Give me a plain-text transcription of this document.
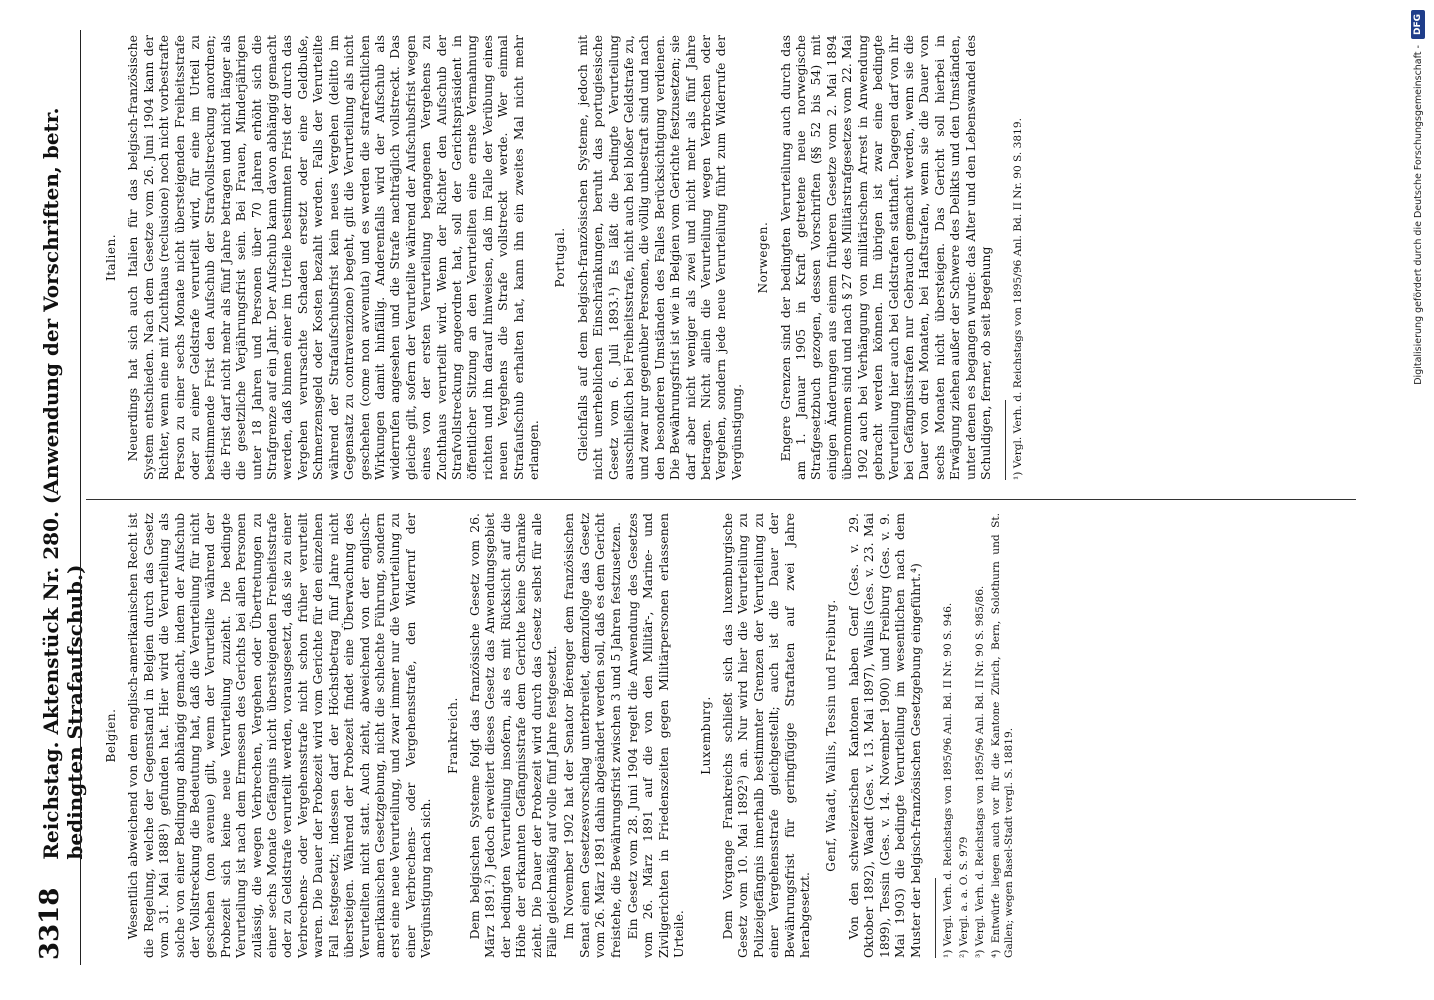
3318
Reichstag. Aktenstück Nr. 280. (Anwendung der Vorschriften, betr. bedingten Strafaufschub.) Belgien. Wesentlich abweichend von dem englisch-amerikanischen Recht ist die Regelung, welche der Gegenstand in Belgien durch das Gesetz vom 31. Mai 1888¹) gefunden hat. Hier wird die Verurteilung als solche von einer Bedingung abhängig gemacht, indem der Aufschub der Vollstreckung die Bedeutung hat, daß die Verurteilung für nicht geschehen (non avenue) gilt, wenn der Verurteilte während der Probezeit sich keine neue Verurteilung zuzieht. Die bedingte Verurteilung ist nach dem Ermessen des Gerichts bei allen Personen zulässig, die wegen Verbrechen, Vergehen oder Übertretungen zu einer sechs Monate Gefängnis nicht übersteigenden Freiheitsstrafe oder zu Geldstrafe verurteilt werden, vorausgesetzt, daß sie zu einer Verbrechens- oder Vergehensstrafe nicht schon früher verurteilt waren. Die Dauer der Probezeit wird vom Gerichte für den einzelnen Fall festgesetzt; indessen darf der Höchstbetrag fünf Jahre nicht übersteigen. Während der Probezeit findet eine Überwachung des Verurteilten nicht statt. Auch zieht, abweichend von der englisch-amerikanischen Gesetzgebung, nicht die schlechte Führung, sondern erst eine neue Verurteilung, und zwar immer nur die Verurteilung zu einer Verbrechens- oder Vergehensstrafe, den Widerruf der Vergünstigung nach sich.
Frankreich. Dem belgischen Systeme folgt das französische Gesetz vom 26. März 1891.²) Jedoch erweitert dieses Gesetz das Anwendungsgebiet der bedingten Verurteilung insofern, als es mit Rücksicht auf die Höhe der erkannten Gefängnisstrafe dem Gerichte keine Schranke zieht. Die Dauer der Probezeit wird durch das Gesetz selbst für alle Fälle gleichmäßig auf volle fünf Jahre festgesetzt. Im November 1902 hat der Senator Bérenger dem französischen Senat einen Gesetzesvorschlag unterbreitet, demzufolge das Gesetz vom 26. März 1891 dahin abgeändert werden soll, daß es dem Gericht freistehe, die Bewährungsfrist zwischen 3 und 5 Jahren festzusetzen. Ein Gesetz vom 28. Juni 1904 regelt die Anwendung des Gesetzes vom 26. März 1891 auf die von den Militär-, Marine- und Zivilgerichten in Friedenszeiten gegen Militärpersonen erlassenen Urteile.
Luxemburg. Dem Vorgange Frankreichs schließt sich das luxemburgische Gesetz vom 10. Mai 1892³) an. Nur wird hier die Verurteilung zu Polizeigefängnis innerhalb bestimmter Grenzen der Verurteilung zu einer Vergehensstrafe gleichgestellt; auch ist die Dauer der Bewährungsfrist für geringfügige Straftaten auf zwei Jahre herabgesetzt.
Genf, Waadt, Wallis, Tessin und Freiburg. Von den schweizerischen Kantonen haben Genf (Ges. v. 29. Oktober 1892), Waadt (Ges. v. 13. Mai 1897), Wallis (Ges. v. 23. Mai 1899), Tessin (Ges. v. 14. November 1900) und Freiburg (Ges. v. 9. Mai 1903) die bedingte Verurteilung im wesentlichen nach dem Muster der belgisch-französischen Gesetzgebung eingeführt.⁴) ¹) Vergl. Verh. d. Reichstags von 1895/96 Anl. Bd. II Nr. 90 S. 946. ²) Vergl. a. a. O. S. 979 ³) Vergl. Verh. d. Reichstags von 1895/96 Anl. Bd. II Nr. 90 S. 985/86. ⁴) Entwürfe liegen auch vor für die Kantone Zürich, Bern, Solothurn und St. Gallen; wegen Basel-Stadt vergl. S. 18819.
Italien. Neuerdings hat sich auch Italien für das belgisch-französische System entschieden. Nach dem Gesetze vom 26. Juni 1904 kann der Richter, wenn eine mit Zuchthaus (reclusione) noch nicht vorbestrafte Person zu einer sechs Monate nicht übersteigenden Freiheitsstrafe oder zu einer Geldstrafe verurteilt wird, für eine im Urteil zu bestimmende Frist den Aufschub der Strafvollstreckung anordnen; die Frist darf nicht mehr als fünf Jahre betragen und nicht länger als die gesetzliche Verjährungsfrist sein. Bei Frauen, Minderjährigen unter 18 Jahren und Personen über 70 Jahren erhöht sich die Strafgrenze auf ein Jahr. Der Aufschub kann davon abhängig gemacht werden, daß binnen einer im Urteile bestimmten Frist der durch das Vergehen verursachte Schaden ersetzt oder eine Geldbuße, Schmerzensgeld oder Kosten bezahlt werden. Falls der Verurteilte während der Strafaufschubsfrist kein neues Vergehen (delitto im Gegensatz zu contravenzione) begeht, gilt die Verurteilung als nicht geschehen (come non avvenuta) und es werden die strafrechtlichen Wirkungen damit hinfällig. Anderenfalls wird der Aufschub als widerrufen angesehen und die Strafe nachträglich vollstreckt. Das gleiche gilt, sofern der Verurteilte während der Aufschubsfrist wegen eines von der ersten Verurteilung begangenen Vergehens zu Zuchthaus verurteilt wird. Wenn der Richter den Aufschub der Strafvollstreckung angeordnet hat, soll der Gerichtspräsident in öffentlicher Sitzung an den Verurteilten eine ernste Vermahnung richten und ihn darauf hinweisen, daß im Falle der Verübung eines neuen Vergehens die Strafe vollstreckt werde. Wer einmal Strafaufschub erhalten hat, kann ihn ein zweites Mal nicht mehr erlangen.
Portugal. Gleichfalls auf dem belgisch-französischen Systeme, jedoch mit nicht unerheblichen Einschränkungen, beruht das portugiesische Gesetz vom 6. Juli 1893.¹) Es läßt die bedingte Verurteilung ausschließlich bei Freiheitsstrafe, nicht auch bei bloßer Geldstrafe zu, und zwar nur gegenüber Personen, die völlig unbestraft sind und nach den besonderen Umständen des Falles Berücksichtigung verdienen. Die Bewährungsfrist ist wie in Belgien vom Gerichte festzusetzen; sie darf aber nicht weniger als zwei und nicht mehr als fünf Jahre betragen. Nicht allein die Verurteilung wegen Verbrechen oder Vergehen, sondern jede neue Verurteilung führt zum Widerrufe der Vergünstigung.
Norwegen. Engere Grenzen sind der bedingten Verurteilung auch durch das am 1. Januar 1905 in Kraft getretene neue norwegische Strafgesetzbuch gezogen, dessen Vorschriften (§§ 52 bis 54) mit einigen Änderungen aus einem früheren Gesetze vom 2. Mai 1894 übernommen sind und nach § 27 des Militärstrafgesetzes vom 22. Mai 1902 auch bei Verhängung von militärischem Arrest in Anwendung gebracht werden können. Im übrigen ist zwar eine bedingte Verurteilung hier auch bei Geldstrafen statthaft. Dagegen darf von ihr bei Gefängnisstrafen nur Gebrauch gemacht werden, wenn sie die Dauer von drei Monaten, bei Haftstrafen, wenn sie die Dauer von sechs Monaten nicht übersteigen. Das Gericht soll hierbei in Erwägung ziehen außer der Schwere des Delikts und den Umständen, unter denen es begangen wurde: das Alter und den Lebenswandel des Schuldigen, ferner, ob seit Begehung ¹) Vergl. Verh. d. Reichstags von 1895/96 Anl. Bd. II Nr. 90 S. 3819.	Digitalisierung gefördert durch die Deutsche Forschungsgemeinschaft -
DFG
